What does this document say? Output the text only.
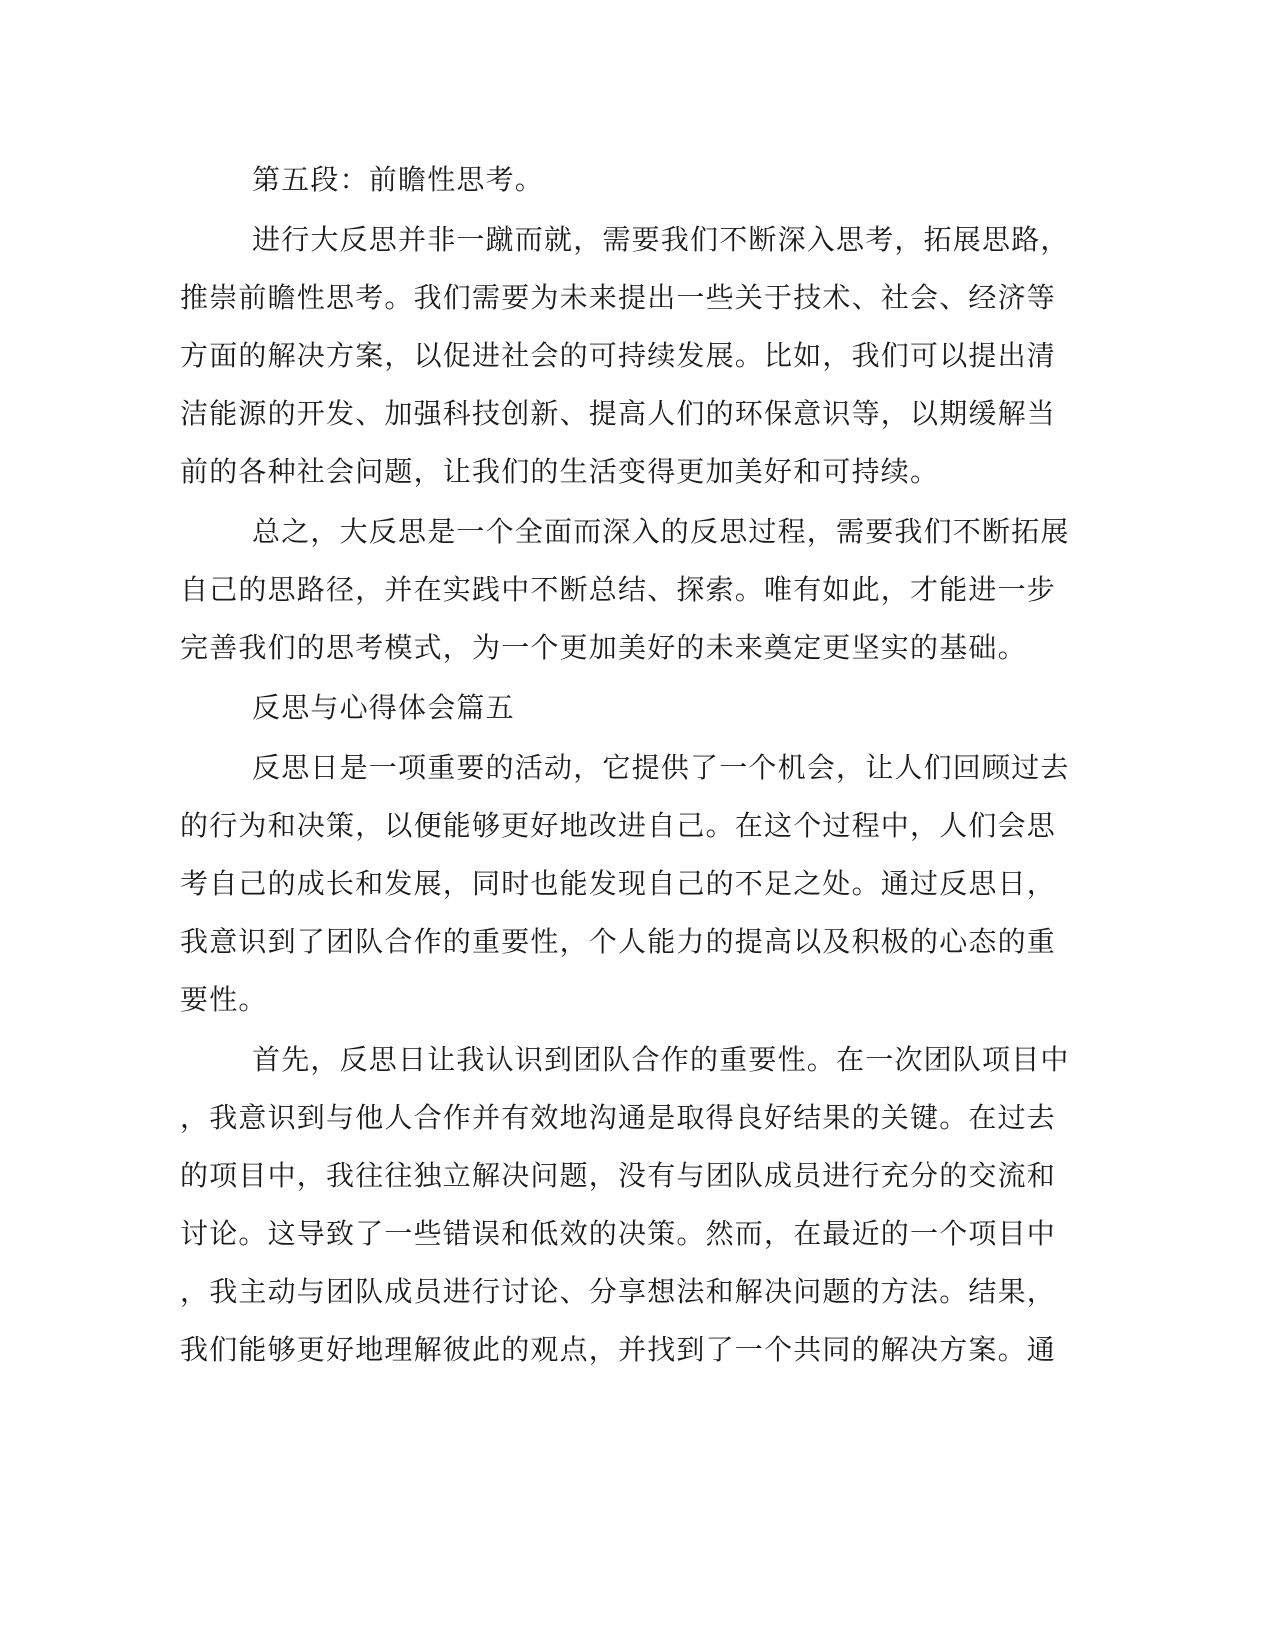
第五段：前瞻性思考。
进行大反思并非一蹴而就，需要我们不断深入思考，拓展思路，
推崇前瞻性思考。我们需要为未来提出一些关于技术、社会、经济等
方面的解决方案，以促进社会的可持续发展。比如，我们可以提出清
洁能源的开发、加强科技创新、提高人们的环保意识等，以期缓解当
前的各种社会问题，让我们的生活变得更加美好和可持续。
总之，大反思是一个全面而深入的反思过程，需要我们不断拓展
自己的思路径，并在实践中不断总结、探索。唯有如此，才能进一步
完善我们的思考模式，为一个更加美好的未来奠定更坚实的基础。
反思与心得体会篇五
反思日是一项重要的活动，它提供了一个机会，让人们回顾过去
的行为和决策，以便能够更好地改进自己。在这个过程中，人们会思
考自己的成长和发展，同时也能发现自己的不足之处。通过反思日，
我意识到了团队合作的重要性，个人能力的提高以及积极的心态的重
要性。
首先，反思日让我认识到团队合作的重要性。在一次团队项目中
，我意识到与他人合作并有效地沟通是取得良好结果的关键。在过去
的项目中，我往往独立解决问题，没有与团队成员进行充分的交流和
讨论。这导致了一些错误和低效的决策。然而，在最近的一个项目中
，我主动与团队成员进行讨论、分享想法和解决问题的方法。结果，
我们能够更好地理解彼此的观点，并找到了一个共同的解决方案。通
